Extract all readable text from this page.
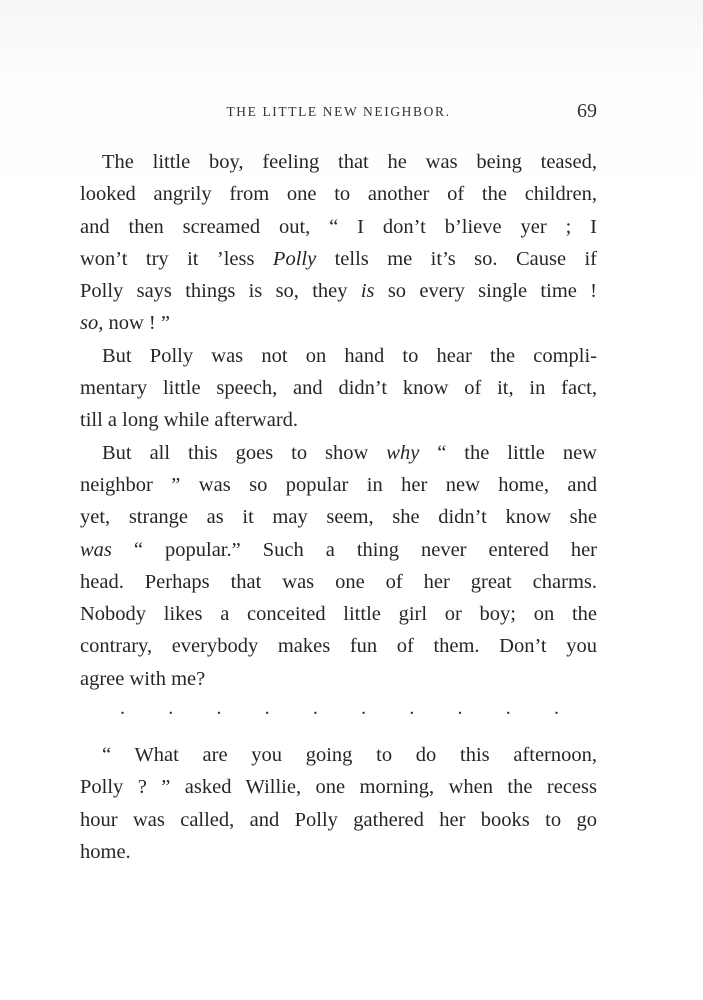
THE LITTLE NEW NEIGHBOR.	69
The little boy, feeling that he was being teased,
looked angrily from one to another of the children,
and then screamed out, “ I don’t b’lieve yer ; I
won’t try it ’less Polly tells me it’s so. Cause if
Polly says things is so, they is so every single time !
so, now ! ”
But Polly was not on hand to hear the compli-
mentary little speech, and didn’t know of it, in fact,
till a long while afterward.
But all this goes to show why “ the little new
neighbor ” was so popular in her new home, and
yet, strange as it may seem, she didn’t know she
was “ popular.” Such a thing never entered her
head. Perhaps that was one of her great charms.
Nobody likes a conceited little girl or boy; on the
contrary, everybody makes fun of them. Don’t you
agree with me?
. . . . . . . . . .
“ What are you going to do this afternoon,
Polly ? ” asked Willie, one morning, when the recess
hour was called, and Polly gathered her books to go
home.
